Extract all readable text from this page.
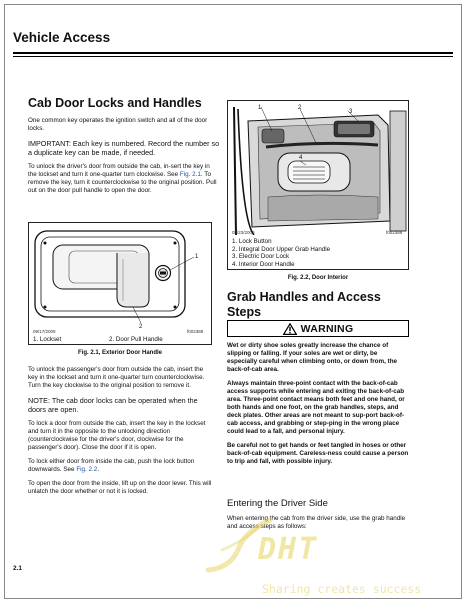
Vehicle Access
Cab Door Locks and Handles

One common key operates the ignition switch and all of the door locks.

IMPORTANT: Each key is numbered. Record the number so a duplicate key can be made, if needed.

To unlock the driver's door from outside the cab, in-sert the key in the lockset and turn it one-quarter turn clockwise. See Fig. 2.1. To remove the key, turn it counterclockwise to the original position. Pull out on the door pull handle to open the door.

1
2
09/17/2009	f002388
1. Lockset	2. Door Pull Handle
Fig. 2.1, Exterior Door Handle

To unlock the passenger's door from outside the cab, insert the key in the lockset and turn it one-quarter turn counterclockwise. Turn the key clockwise to the original position to remove it.

NOTE: The cab door locks can be operated when the doors are open.

To lock a door from outside the cab, insert the key in the lockset and turn it in the opposite to the unlocking direction (counterclockwise for the driver's door, clockwise for the passenger's door). Close the door if it is open.

To lock either door from inside the cab, push the lock button downwards. See Fig. 2.2.

To open the door from the inside, lift up on the door lever. This will unlatch the door whether or not it is locked.

1	2
3
4
09/23/2009	f002389
1. Lock Button
2. Integral Door Upper Grab Handle
3. Electric Door Lock
4. Interior Door Handle
Fig. 2.2, Door Interior
Grab Handles and Access Steps
WARNING

Wet or dirty shoe soles greatly increase the chance of slipping or falling. If your soles are wet or dirty, be especially careful when climbing onto, or down from, the back-of-cab area.

Always maintain three-point contact with the back-of-cab access supports while entering and exiting the back-of-cab area. Three-point contact means both feet and one hand, or both hands and one foot, on the grab handles, steps, and deck plates. Other areas are not meant to sup-port back-of-cab access, and grabbing or step-ping in the wrong place could lead to a fall, and personal injury.

Be careful not to get hands or feet tangled in hoses or other back-of-cab equipment. Careless-ness could cause a person to trip and fall, with possible injury.

Entering the Driver Side

When entering the cab from the driver side, use the grab handle and access steps as follows:

DHT
Sharing creates success
2.1
